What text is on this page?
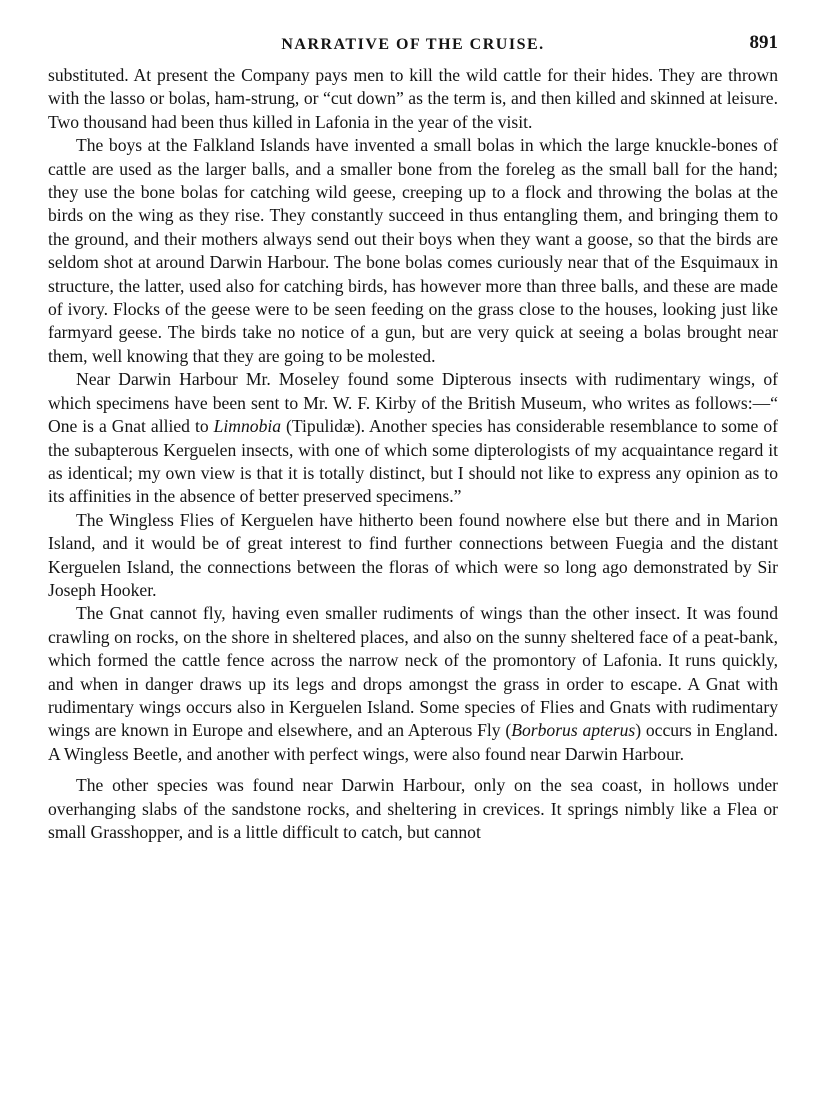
NARRATIVE OF THE CRUISE.	891

substituted. At present the Company pays men to kill the wild cattle for their hides. They are thrown with the lasso or bolas, ham-strung, or “cut down” as the term is, and then killed and skinned at leisure. Two thousand had been thus killed in Lafonia in the year of the visit.

The boys at the Falkland Islands have invented a small bolas in which the large knuckle-bones of cattle are used as the larger balls, and a smaller bone from the foreleg as the small ball for the hand; they use the bone bolas for catching wild geese, creeping up to a flock and throwing the bolas at the birds on the wing as they rise. They constantly succeed in thus entangling them, and bringing them to the ground, and their mothers always send out their boys when they want a goose, so that the birds are seldom shot at around Darwin Harbour. The bone bolas comes curiously near that of the Esquimaux in structure, the latter, used also for catching birds, has however more than three balls, and these are made of ivory. Flocks of the geese were to be seen feeding on the grass close to the houses, looking just like farmyard geese. The birds take no notice of a gun, but are very quick at seeing a bolas brought near them, well knowing that they are going to be molested.

Near Darwin Harbour Mr. Moseley found some Dipterous insects with rudimentary wings, of which specimens have been sent to Mr. W. F. Kirby of the British Museum, who writes as follows:—“ One is a Gnat allied to Limnobia (Tipulidæ). Another species has considerable resemblance to some of the subapterous Kerguelen insects, with one of which some dipterologists of my acquaintance regard it as identical; my own view is that it is totally distinct, but I should not like to express any opinion as to its affinities in the absence of better preserved specimens.”

The Wingless Flies of Kerguelen have hitherto been found nowhere else but there and in Marion Island, and it would be of great interest to find further connections between Fuegia and the distant Kerguelen Island, the connections between the floras of which were so long ago demonstrated by Sir Joseph Hooker.

The Gnat cannot fly, having even smaller rudiments of wings than the other insect. It was found crawling on rocks, on the shore in sheltered places, and also on the sunny sheltered face of a peat-bank, which formed the cattle fence across the narrow neck of the promontory of Lafonia. It runs quickly, and when in danger draws up its legs and drops amongst the grass in order to escape. A Gnat with rudimentary wings occurs also in Kerguelen Island. Some species of Flies and Gnats with rudimentary wings are known in Europe and elsewhere, and an Apterous Fly (Borborus apterus) occurs in England. A Wingless Beetle, and another with perfect wings, were also found near Darwin Harbour.

The other species was found near Darwin Harbour, only on the sea coast, in hollows under overhanging slabs of the sandstone rocks, and sheltering in crevices. It springs nimbly like a Flea or small Grasshopper, and is a little difficult to catch, but cannot
